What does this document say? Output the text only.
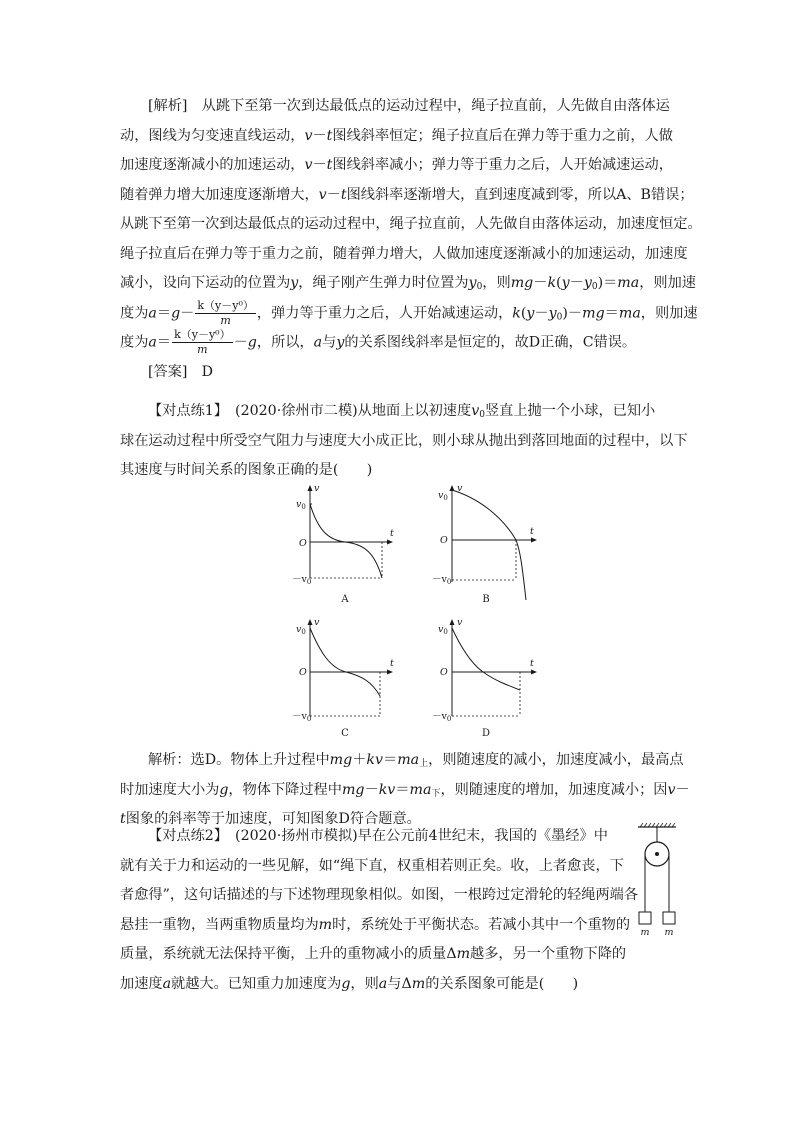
[解析]　从跳下至第一次到达最低点的运动过程中，绳子拉直前，人先做自由落体运
动，图线为匀变速直线运动，v－t图线斜率恒定；绳子拉直后在弹力等于重力之前，人做
加速度逐渐减小的加速运动，v－t图线斜率减小；弹力等于重力之后，人开始减速运动，
随着弹力增大加速度逐渐增大，v－t图线斜率逐渐增大，直到速度减到零，所以A、B错误；
从跳下至第一次到达最低点的运动过程中，绳子拉直前，人先做自由落体运动，加速度恒定。
绳子拉直后在弹力等于重力之前，随着弹力增大，人做加速度逐渐减小的加速运动，加速度
减小，设向下运动的位置为y，绳子刚产生弹力时位置为$y_0$，则$mg-k(y-y_0)=ma$，则加速
度为$a=g- \frac{\text{k（y－y⁰）}}{m}$ ，弹力等于重力之后，人开始减速运动，$k(y-y_0)-mg=ma$，则加速
度为$a= \frac{\text{k（y－y⁰）}}{m} -g$，所以，a与y的关系图线斜率是恒定的，故D正确，C错误。
[答案]　D
【对点练1】　(2020·徐州市二模)从地面上以初速度$v_0$竖直上抛一个小球，已知小
球在运动过程中所受空气阻力与速度大小成正比，则小球从抛出到落回地面的过程中，以下
其速度与时间关系的图象正确的是(　　)
v
t
$v_0$
O
$-v_0$
A
v
t
$v_0$
O
$-v_0$
B
v
t
$v_0$
O
$-v_0$
C
v
t
$v_0$
O
$-v_0$
D
解析：选D。物体上升过程中$mg+kv=ma_上$，则随速度的减小，加速度减小，最高点
时加速度大小为g，物体下降过程中$mg-kv=ma_下$，则随速度的增加，加速度减小；因v－
t图象的斜率等于加速度，可知图象D符合题意。
【对点练2】　(2020·扬州市模拟)早在公元前4世纪末，我国的《墨经》中
就有关于力和运动的一些见解，如“绳下直，权重相若则正矣。收，上者愈丧，下
者愈得”，这句话描述的与下述物理现象相似。如图，一根跨过定滑轮的轻绳两端各
悬挂一重物，当两重物质量均为m时，系统处于平衡状态。若减小其中一个重物的
质量，系统就无法保持平衡，上升的重物减小的质量Δm越多，另一个重物下降的
加速度a就越大。已知重力加速度为g，则a与Δm的关系图象可能是(　　)
m m
